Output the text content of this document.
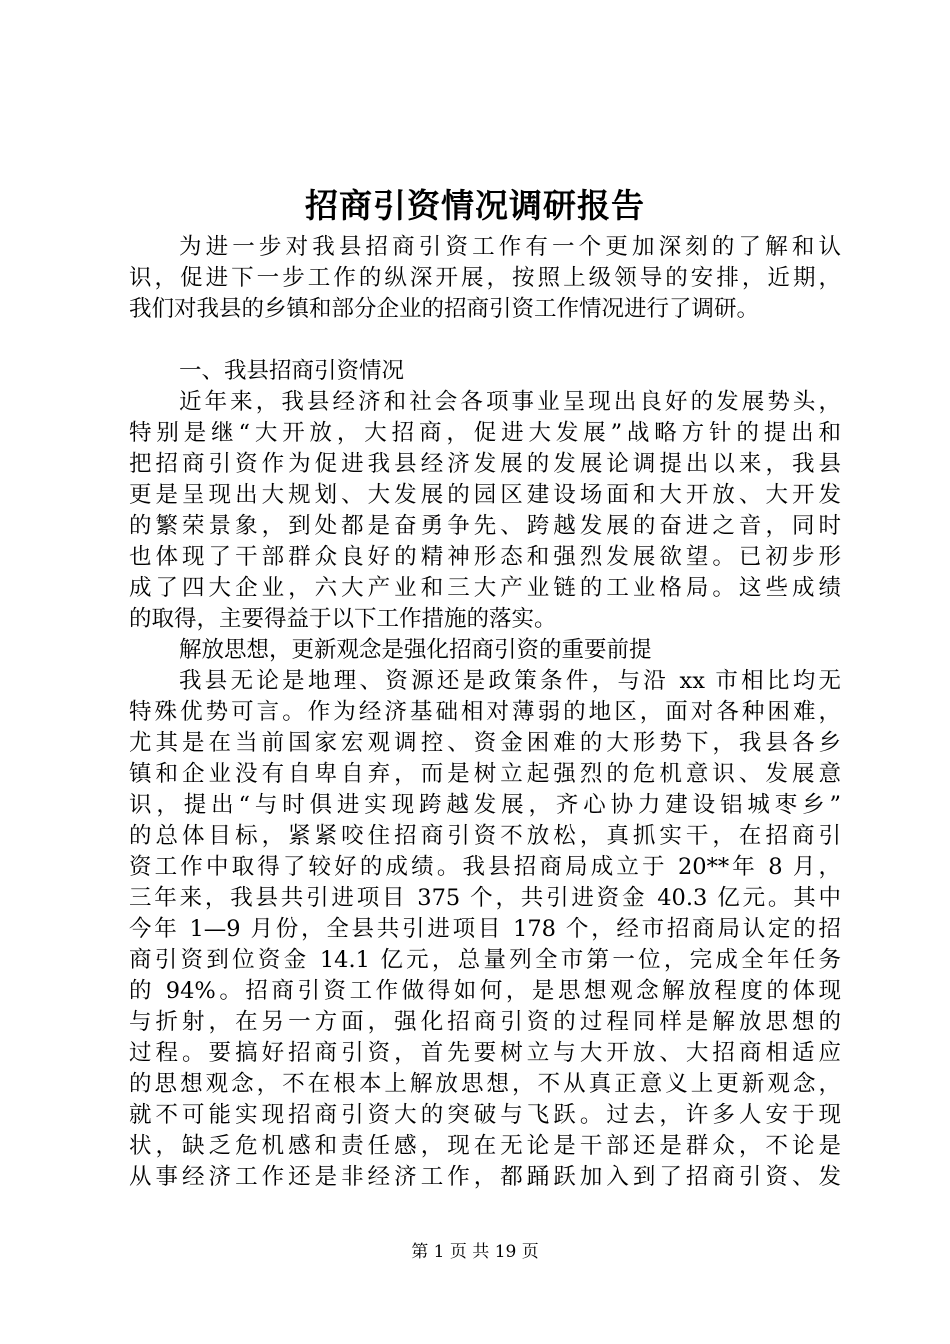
招商引资情况调研报告
为进一步对我县招商引资工作有一个更加深刻的了解和认
识，促进下一步工作的纵深开展，按照上级领导的安排，近期，
我们对我县的乡镇和部分企业的招商引资工作情况进行了调研。
一、我县招商引资情况
近年来，我县经济和社会各项事业呈现出良好的发展势头，
特别是继“大开放，大招商，促进大发展”战略方针的提出和
把招商引资作为促进我县经济发展的发展论调提出以来，我县
更是呈现出大规划、大发展的园区建设场面和大开放、大开发
的繁荣景象，到处都是奋勇争先、跨越发展的奋进之音，同时
也体现了干部群众良好的精神形态和强烈发展欲望。已初步形
成了四大企业，六大产业和三大产业链的工业格局。这些成绩
的取得，主要得益于以下工作措施的落实。
解放思想，更新观念是强化招商引资的重要前提
我县无论是地理、资源还是政策条件，与沿 xx 市相比均无
特殊优势可言。作为经济基础相对薄弱的地区，面对各种困难，
尤其是在当前国家宏观调控、资金困难的大形势下，我县各乡
镇和企业没有自卑自弃，而是树立起强烈的危机意识、发展意
识，提出“与时俱进实现跨越发展，齐心协力建设铝城枣乡”
的总体目标，紧紧咬住招商引资不放松，真抓实干，在招商引
资工作中取得了较好的成绩。我县招商局成立于 20**年 8 月，
三年来，我县共引进项目 375 个，共引进资金 40.3 亿元。其中
今年 1—9 月份，全县共引进项目 178 个，经市招商局认定的招
商引资到位资金 14.1 亿元，总量列全市第一位，完成全年任务
的 94%。招商引资工作做得如何，是思想观念解放程度的体现
与折射，在另一方面，强化招商引资的过程同样是解放思想的
过程。要搞好招商引资，首先要树立与大开放、大招商相适应
的思想观念，不在根本上解放思想，不从真正意义上更新观念，
就不可能实现招商引资大的突破与飞跃。过去，许多人安于现
状，缺乏危机感和责任感，现在无论是干部还是群众，不论是
从事经济工作还是非经济工作，都踊跃加入到了招商引资、发
第 1 页 共 19 页
